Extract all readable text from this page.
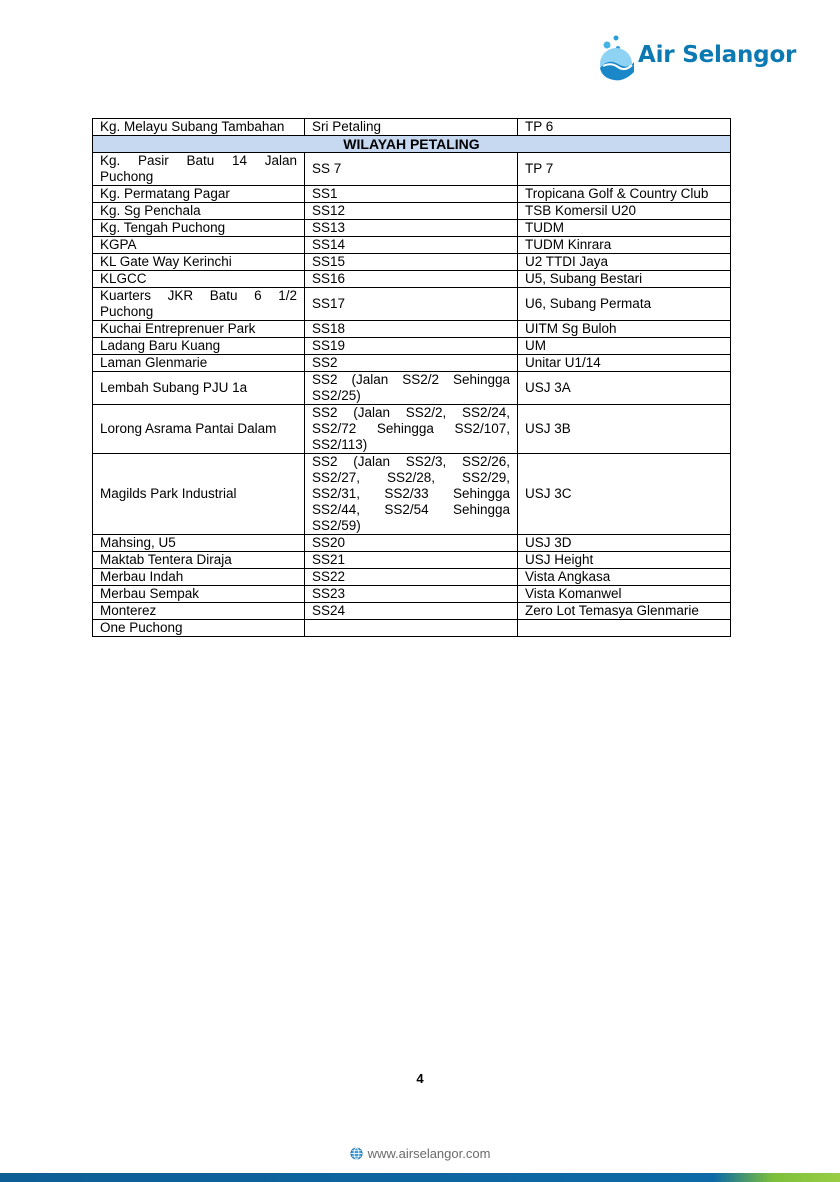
Air Selangor
Kg. Melayu Subang Tambahan	Sri Petaling	TP 6
WILAYAH PETALING		
Kg. Pasir Batu 14 Jalan Puchong	SS 7	TP 7
Kg. Permatang Pagar	SS1	Tropicana Golf & Country Club
Kg. Sg Penchala	SS12	TSB Komersil U20
Kg. Tengah Puchong	SS13	TUDM
KGPA	SS14	TUDM Kinrara
KL Gate Way Kerinchi	SS15	U2 TTDI Jaya
KLGCC	SS16	U5, Subang Bestari
Kuarters JKR Batu 6 1/2 Puchong	SS17	U6, Subang Permata
Kuchai Entreprenuer Park	SS18	UITM Sg Buloh
Ladang Baru Kuang	SS19	UM
Laman Glenmarie	SS2	Unitar U1/14
Lembah Subang PJU 1a	SS2 (Jalan SS2/2 Sehingga SS2/25)	USJ 3A
Lorong Asrama Pantai Dalam	SS2 (Jalan SS2/2, SS2/24, SS2/72 Sehingga SS2/107, SS2/113)	USJ 3B
Magilds Park Industrial	SS2 (Jalan SS2/3, SS2/26, SS2/27, SS2/28, SS2/29, SS2/31, SS2/33 Sehingga SS2/44, SS2/54 Sehingga SS2/59)	USJ 3C
Mahsing, U5	SS20	USJ 3D
Maktab Tentera Diraja	SS21	USJ Height
Merbau Indah	SS22	Vista Angkasa
Merbau Sempak	SS23	Vista Komanwel
Monterez	SS24	Zero Lot Temasya Glenmarie
One Puchong		
4
www.airselangor.com
